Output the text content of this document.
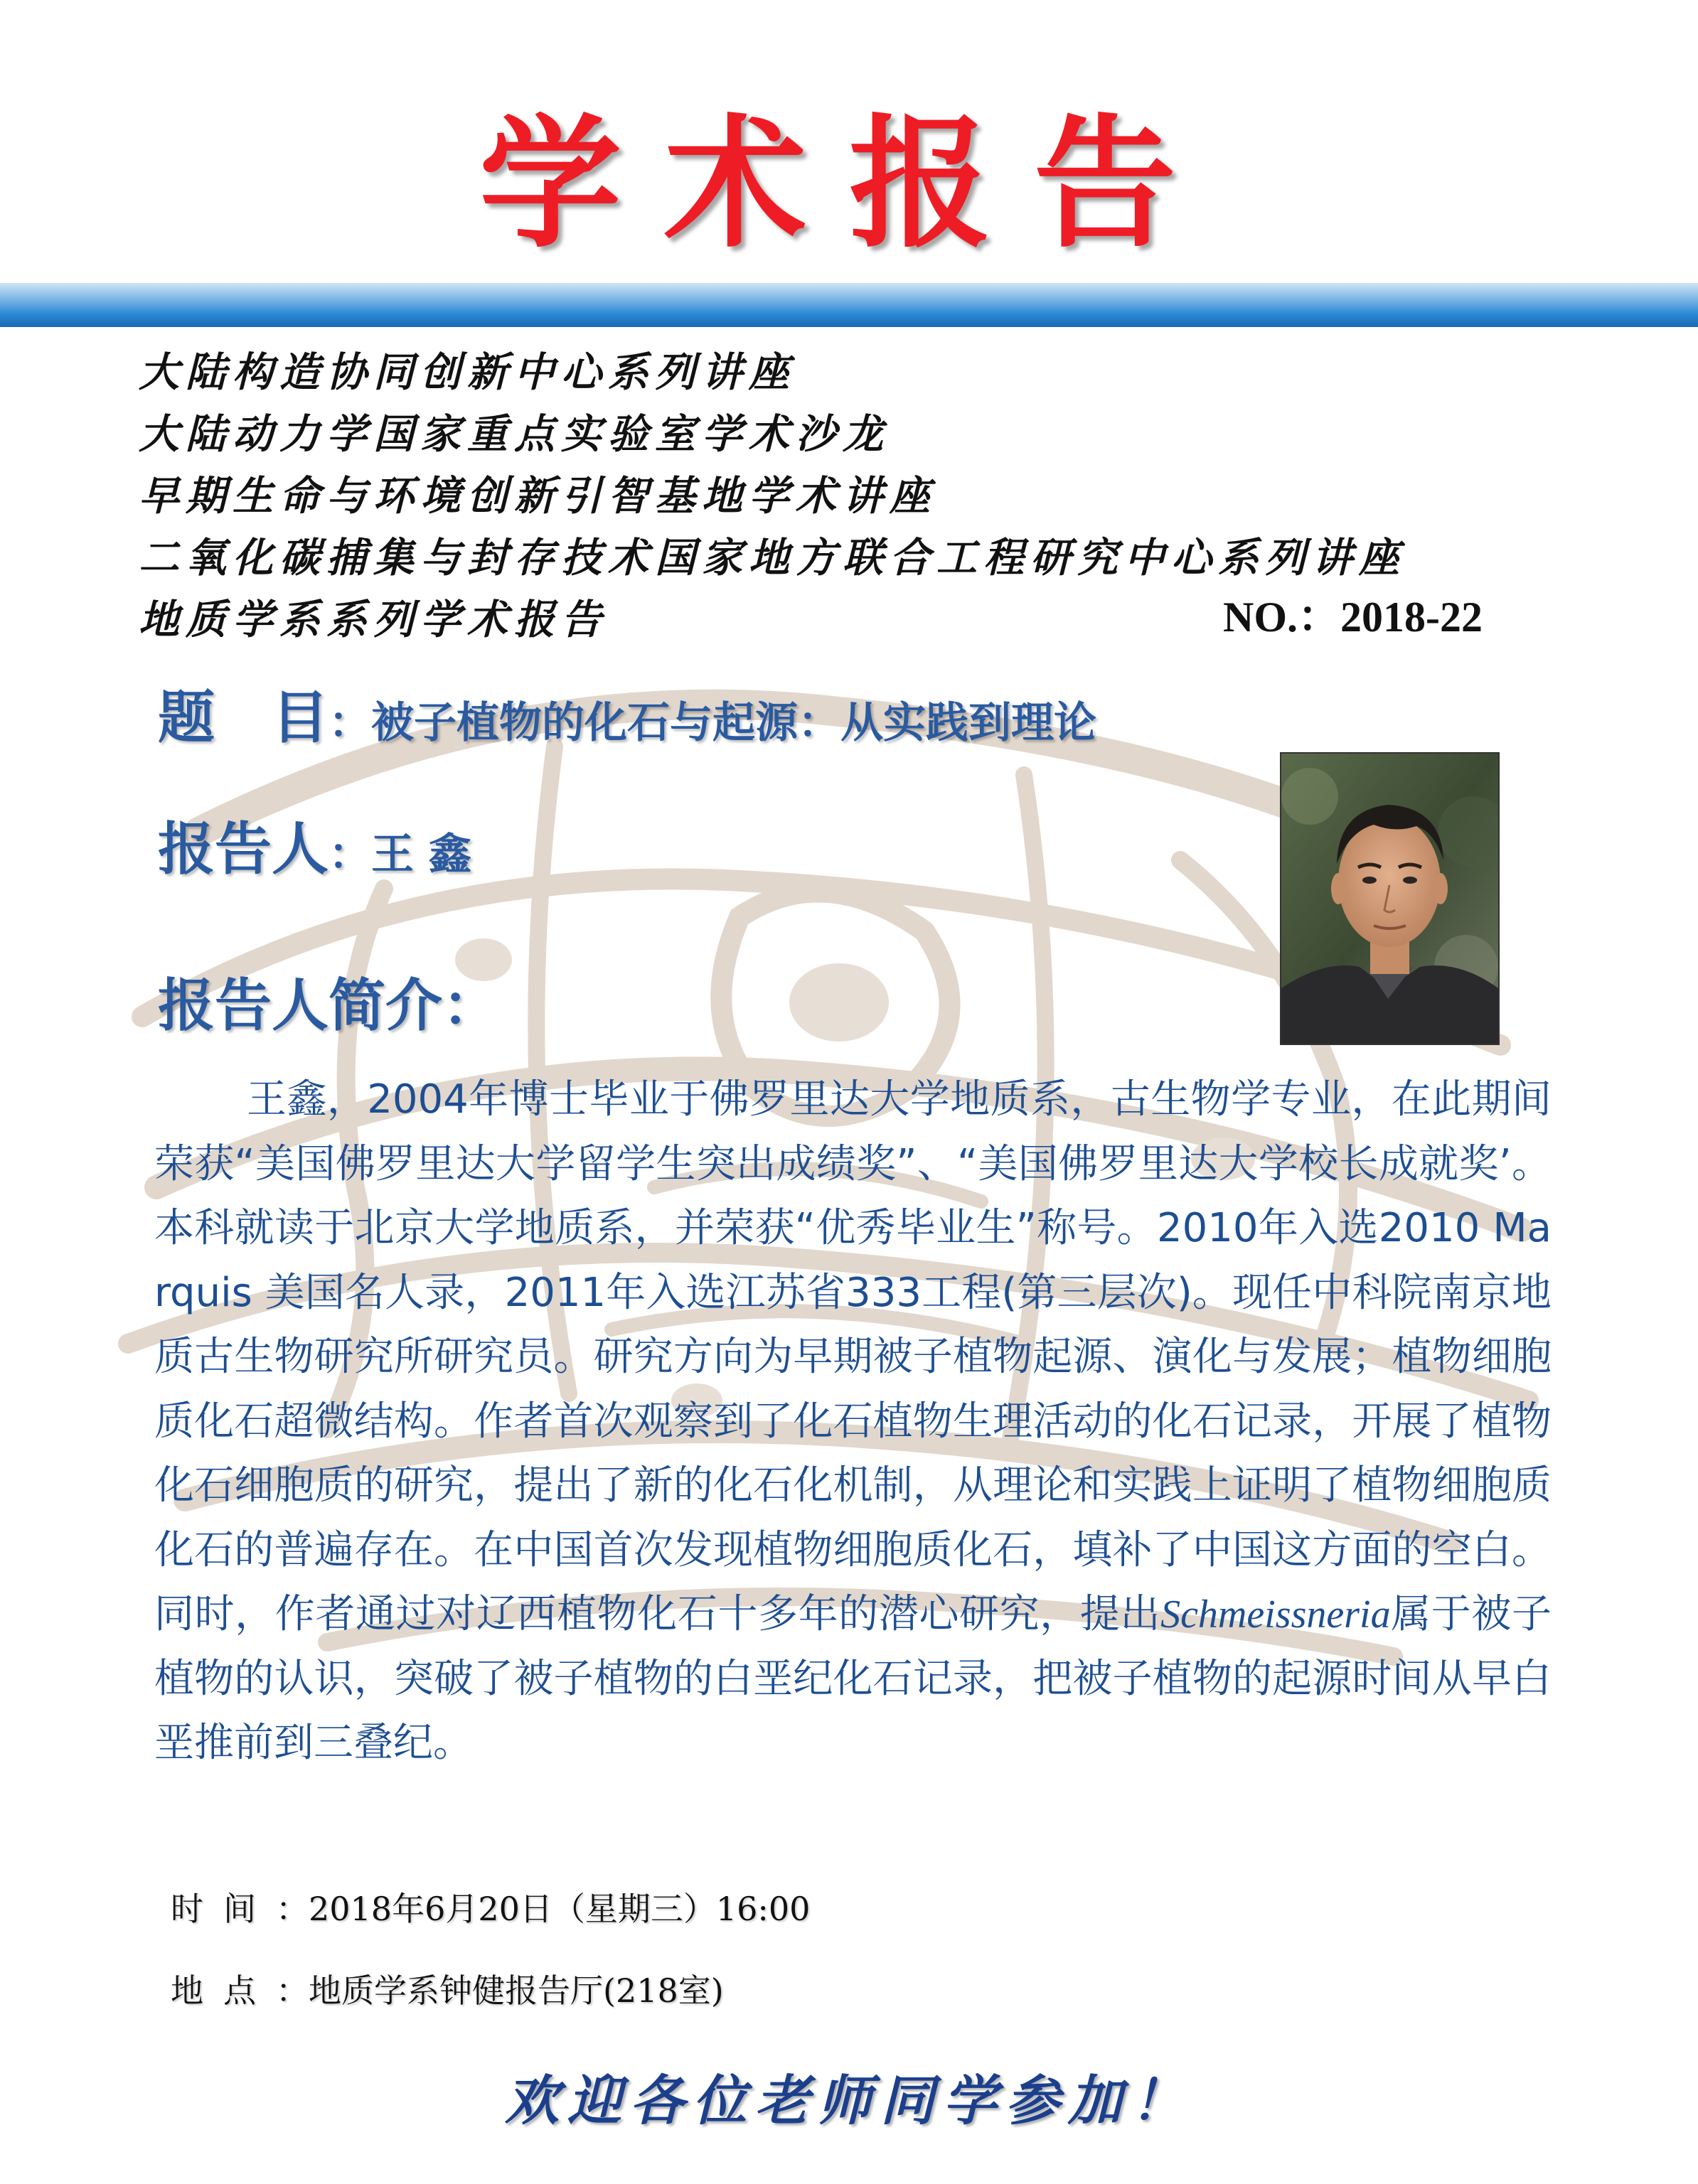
学术报告
大陆构造协同创新中心系列讲座
大陆动力学国家重点实验室学术沙龙
早期生命与环境创新引智基地学术讲座
二氧化碳捕集与封存技术国家地方联合工程研究中心系列讲座
地质学系系列学术报告	NO.：2018-22
题　目：被子植物的化石与起源：从实践到理论
报告人：王 鑫
报告人简介：
王鑫，2004年博士毕业于佛罗里达大学地质系，古生物学专业，在此期间荣获“美国佛罗里达大学留学生突出成绩奖”、“美国佛罗里达大学校长成就奖’。本科就读于北京大学地质系，并荣获“优秀毕业生”称号。2010年入选2010 Marquis 美国名人录，2011年入选江苏省333工程(第三层次)。现任中科院南京地质古生物研究所研究员。研究方向为早期被子植物起源、演化与发展；植物细胞质化石超微结构。作者首次观察到了化石植物生理活动的化石记录，开展了植物化石细胞质的研究，提出了新的化石化机制，从理论和实践上证明了植物细胞质化石的普遍存在。在中国首次发现植物细胞质化石，填补了中国这方面的空白。同时，作者通过对辽西植物化石十多年的潜心研究，提出Schmeissneria属于被子植物的认识，突破了被子植物的白垩纪化石记录，把被子植物的起源时间从早白垩推前到三叠纪。
时间：2018年6月20日（星期三）16:00
地点：地质学系钟健报告厅(218室)
欢迎各位老师同学参加！
